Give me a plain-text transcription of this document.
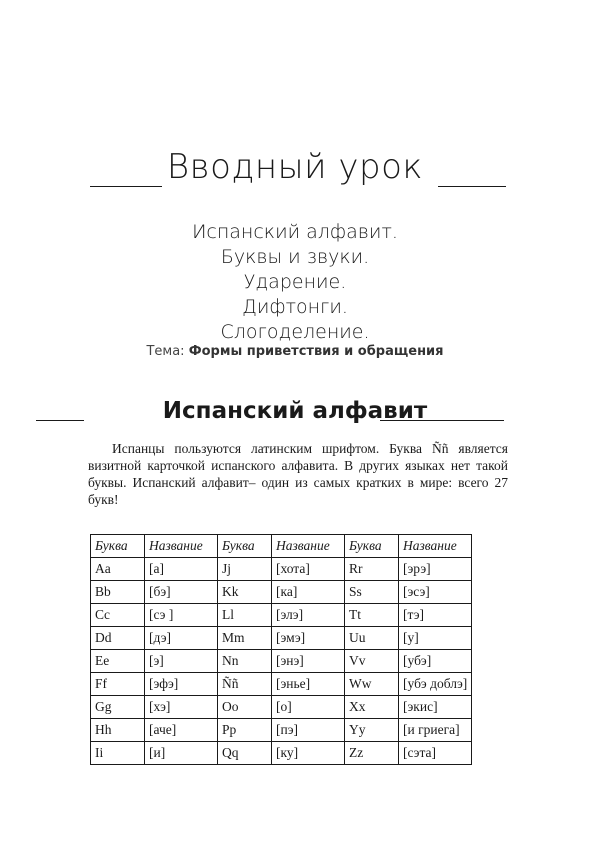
Вводный урок
Испанский алфавит.
Буквы и звуки.
Ударение.
Дифтонги.
Слогоделение.
Тема: Формы приветствия и обращения
Испанский алфавит
Испанцы пользуются латинским шрифтом. Буква Ññ является визитной карточкой испанского алфавита. В других языках нет такой буквы. Испанский алфавит– один из самых кратких в мире: всего 27 букв!
Буква	Название	Буква	Название	Буква	Название
Aa	[а]	Jj	[хота]	Rr	[эрэ]
Bb	[бэ]	Kk	[ка]	Ss	[эсэ]
Cc	[сэ ]	Ll	[элэ]	Tt	[тэ]
Dd	[дэ]	Mm	[эмэ]	Uu	[у]
Ee	[э]	Nn	[энэ]	Vv	[убэ]
Ff	[эфэ]	Ññ	[энье]	Ww	[убэ доблэ]
Gg	[хэ]	Oo	[о]	Xx	[экис]
Hh	[аче]	Pp	[пэ]	Yy	[и гриега]
Ii	[и]	Qq	[ку]	Zz	[сэта]
